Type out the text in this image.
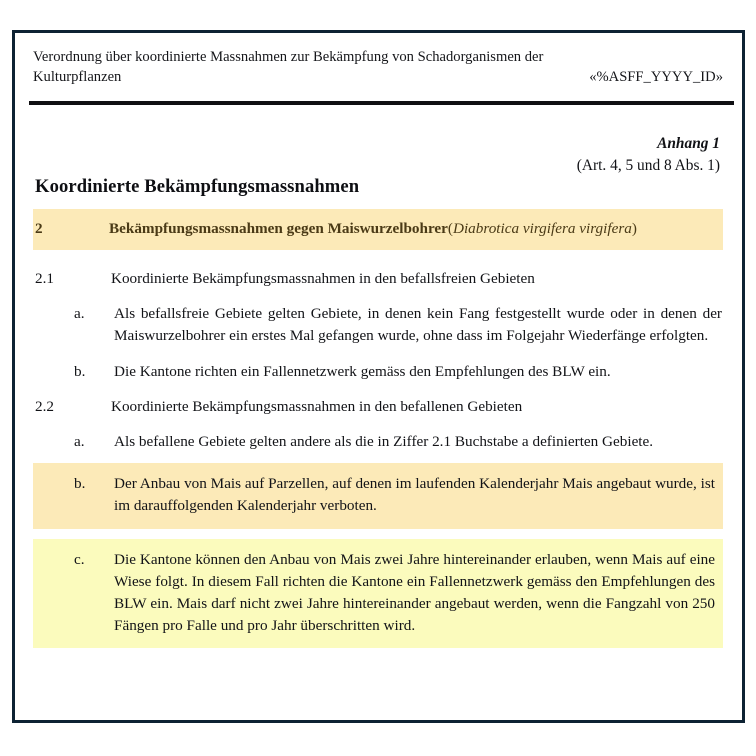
Verordnung über koordinierte Massnahmen zur Bekämpfung von Schadorganismen der
Kulturpflanzen	«%ASFF_YYYY_ID»
Anhang 1
(Art. 4, 5 und 8 Abs. 1)
Koordinierte Bekämpfungsmassnahmen
2	Bekämpfungsmassnahmen gegen Maiswurzelbohrer(Diabrotica virgifera virgifera)
2.1	Koordinierte Bekämpfungsmassnahmen in den befallsfreien Gebieten
a.	Als befallsfreie Gebiete gelten Gebiete, in denen kein Fang festgestellt wurde oder in denen der Maiswurzelbohrer ein erstes Mal gefangen wurde, ohne dass im Folgejahr Wiederfänge erfolgten.
b.	Die Kantone richten ein Fallennetzwerk gemäss den Empfehlungen des BLW ein.
2.2	Koordinierte Bekämpfungsmassnahmen in den befallenen Gebieten
a.	Als befallene Gebiete gelten andere als die in Ziffer 2.1 Buchstabe a definierten Gebiete.
b.	Der Anbau von Mais auf Parzellen, auf denen im laufenden Kalenderjahr Mais angebaut wurde, ist im darauffolgenden Kalenderjahr verboten.
c.	Die Kantone können den Anbau von Mais zwei Jahre hintereinander erlauben, wenn Mais auf eine Wiese folgt. In diesem Fall richten die Kantone ein Fallennetzwerk gemäss den Empfehlungen des BLW ein. Mais darf nicht zwei Jahre hintereinander angebaut werden, wenn die Fangzahl von 250 Fängen pro Falle und pro Jahr überschritten wird.
